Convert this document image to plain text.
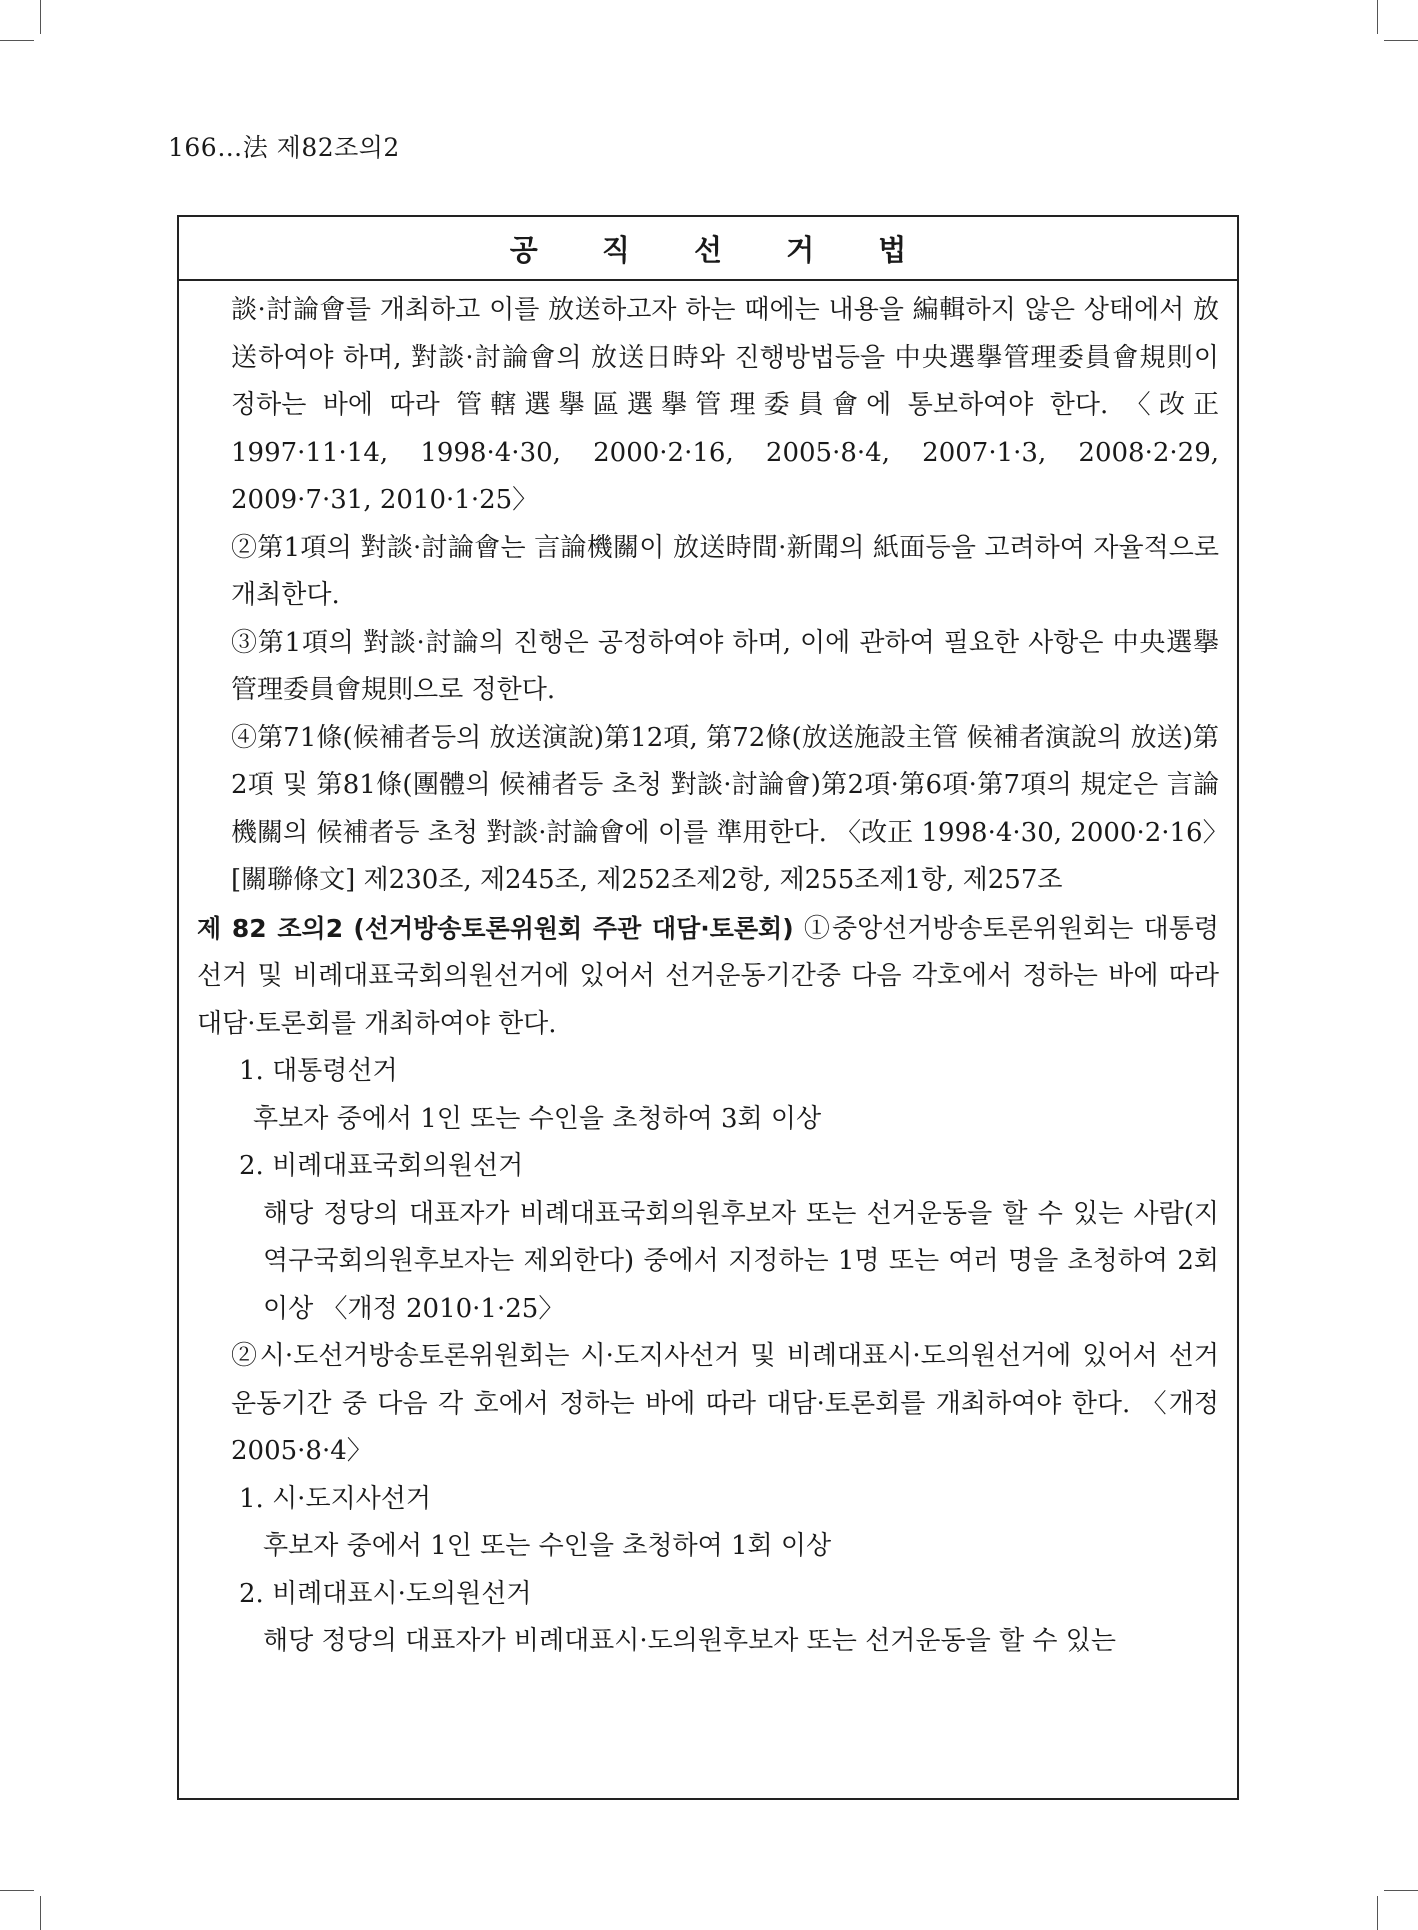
166…法 제82조의2
공 직 선 거 법

談·討論會를 개최하고 이를 放送하고자 하는 때에는 내용을 編輯하지 않은 상태에서 放送하여야 하며, 對談·討論會의 放送日時와 진행방법등을 中央選擧管理委員會規則이 정하는 바에 따라 管轄選擧區選擧管理委員會에 통보하여야 한다. 〈改正 1997·11·14, 1998·4·30, 2000·2·16, 2005·8·4, 2007·1·3, 2008·2·29, 2009·7·31, 2010·1·25〉

②第1項의 對談·討論會는 言論機關이 放送時間·新聞의 紙面등을 고려하여 자율적으로 개최한다.

③第1項의 對談·討論의 진행은 공정하여야 하며, 이에 관하여 필요한 사항은 中央選擧管理委員會規則으로 정한다.

④第71條(候補者등의 放送演說)第12項, 第72條(放送施設主管 候補者演說의 放送)第2項 및 第81條(團體의 候補者등 초청 對談·討論會)第2項·第6項·第7項의 規定은 言論機關의 候補者등 초청 對談·討論會에 이를 準用한다. 〈改正 1998·4·30, 2000·2·16〉

[關聯條文] 제230조, 제245조, 제252조제2항, 제255조제1항, 제257조

제 82 조의2 (선거방송토론위원회 주관 대담·토론회) ①중앙선거방송토론위원회는 대통령선거 및 비례대표국회의원선거에 있어서 선거운동기간중 다음 각호에서 정하는 바에 따라 대담·토론회를 개최하여야 한다.

1. 대통령선거

후보자 중에서 1인 또는 수인을 초청하여 3회 이상

2. 비례대표국회의원선거

해당 정당의 대표자가 비례대표국회의원후보자 또는 선거운동을 할 수 있는 사람(지역구국회의원후보자는 제외한다) 중에서 지정하는 1명 또는 여러 명을 초청하여 2회 이상 〈개정 2010·1·25〉

②시·도선거방송토론위원회는 시·도지사선거 및 비례대표시·도의원선거에 있어서 선거운동기간 중 다음 각 호에서 정하는 바에 따라 대담·토론회를 개최하여야 한다. 〈개정 2005·8·4〉

1. 시·도지사선거

후보자 중에서 1인 또는 수인을 초청하여 1회 이상

2. 비례대표시·도의원선거

해당 정당의 대표자가 비례대표시·도의원후보자 또는 선거운동을 할 수 있는
